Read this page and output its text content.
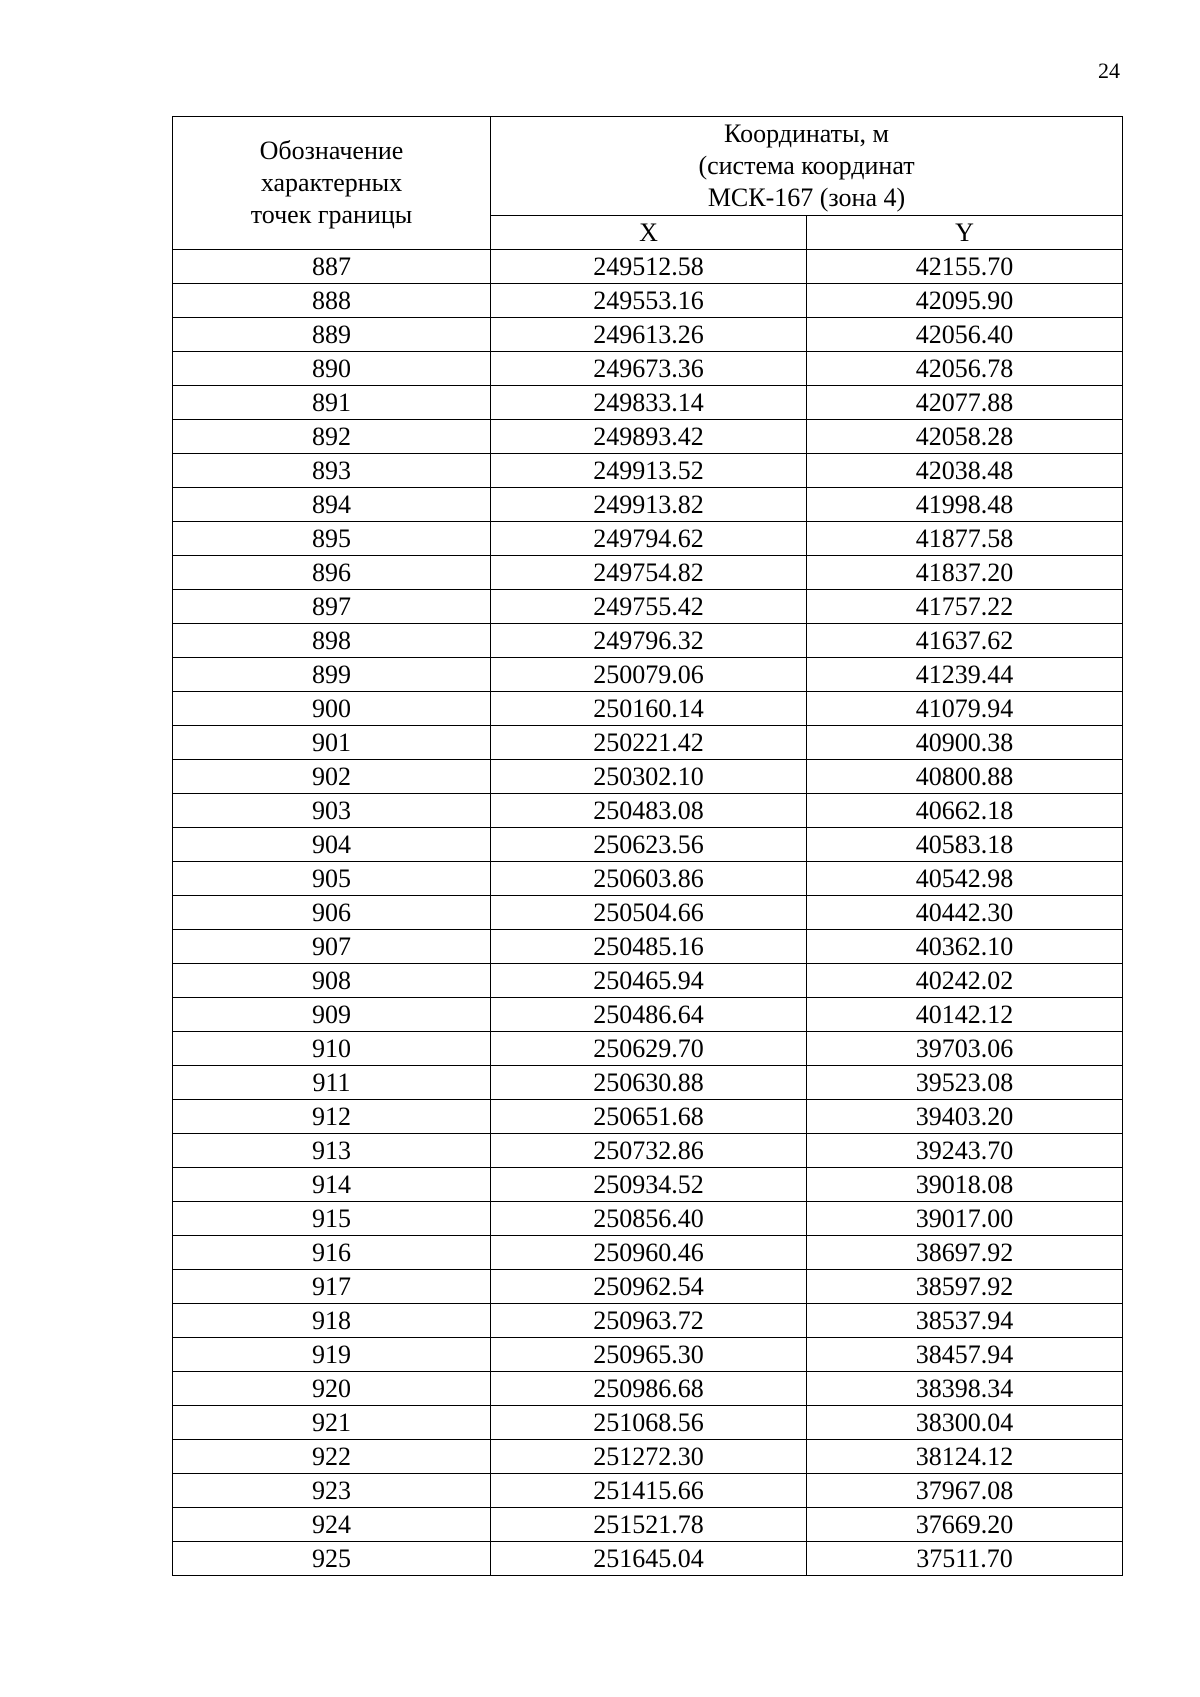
24
Обозначение
характерных
точек границы	Координаты, м
(система координат
МСК-167 (зона 4)	

	X	Y
887	249512.58	42155.70
888	249553.16	42095.90
889	249613.26	42056.40
890	249673.36	42056.78
891	249833.14	42077.88
892	249893.42	42058.28
893	249913.52	42038.48
894	249913.82	41998.48
895	249794.62	41877.58
896	249754.82	41837.20
897	249755.42	41757.22
898	249796.32	41637.62
899	250079.06	41239.44
900	250160.14	41079.94
901	250221.42	40900.38
902	250302.10	40800.88
903	250483.08	40662.18
904	250623.56	40583.18
905	250603.86	40542.98
906	250504.66	40442.30
907	250485.16	40362.10
908	250465.94	40242.02
909	250486.64	40142.12
910	250629.70	39703.06
911	250630.88	39523.08
912	250651.68	39403.20
913	250732.86	39243.70
914	250934.52	39018.08
915	250856.40	39017.00
916	250960.46	38697.92
917	250962.54	38597.92
918	250963.72	38537.94
919	250965.30	38457.94
920	250986.68	38398.34
921	251068.56	38300.04
922	251272.30	38124.12
923	251415.66	37967.08
924	251521.78	37669.20
925	251645.04	37511.70
